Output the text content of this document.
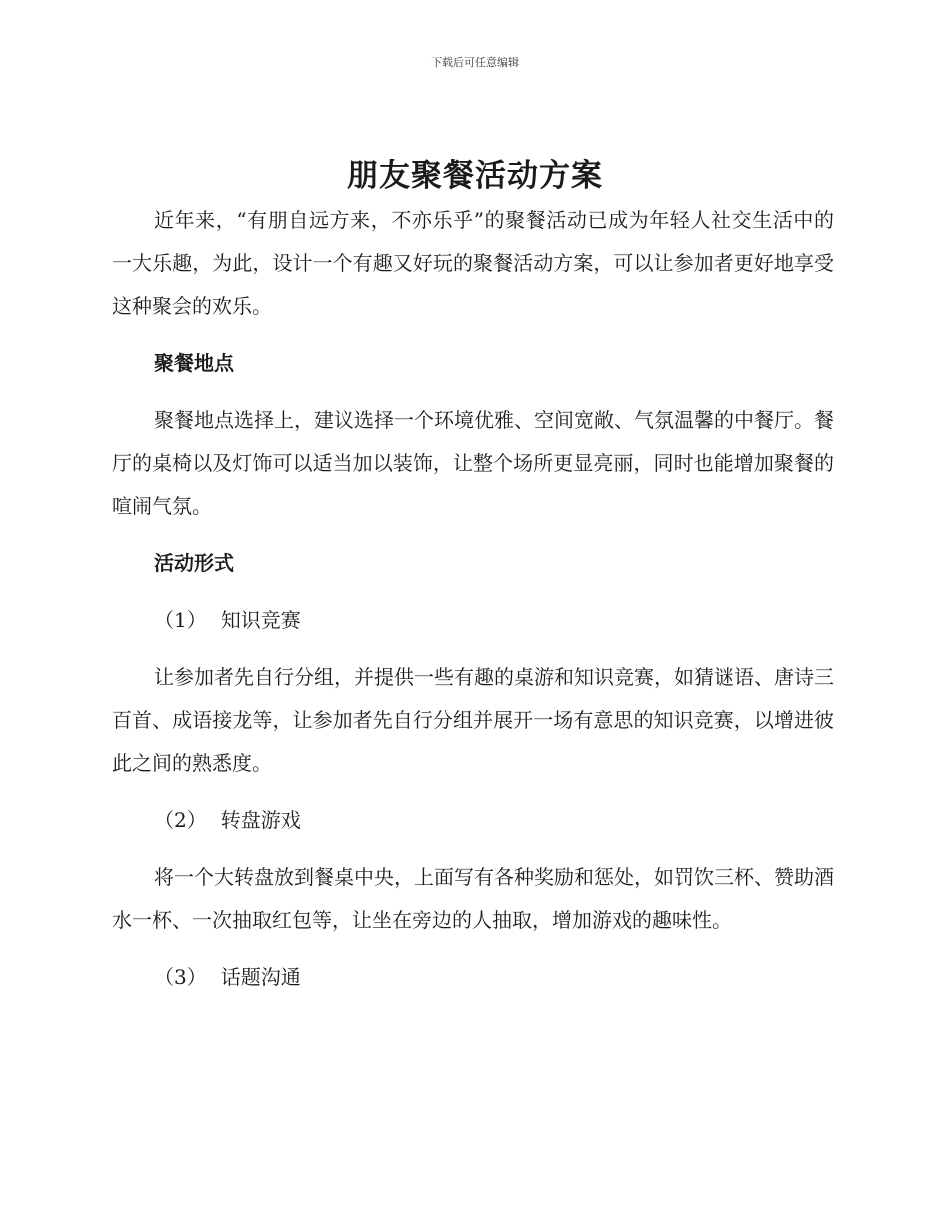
下载后可任意编辑
朋友聚餐活动方案

近年来，“有朋自远方来，不亦乐乎”的聚餐活动已成为年轻人社交生活中的一大乐趣，为此，设计一个有趣又好玩的聚餐活动方案，可以让参加者更好地享受这种聚会的欢乐。

聚餐地点

聚餐地点选择上，建议选择一个环境优雅、空间宽敞、气氛温馨的中餐厅。餐厅的桌椅以及灯饰可以适当加以装饰，让整个场所更显亮丽，同时也能增加聚餐的喧闹气氛。

活动形式

（1） 知识竞赛

让参加者先自行分组，并提供一些有趣的桌游和知识竞赛，如猜谜语、唐诗三百首、成语接龙等，让参加者先自行分组并展开一场有意思的知识竞赛，以增进彼此之间的熟悉度。

（2） 转盘游戏

将一个大转盘放到餐桌中央，上面写有各种奖励和惩处，如罚饮三杯、赞助酒水一杯、一次抽取红包等，让坐在旁边的人抽取，增加游戏的趣味性。

（3） 话题沟通
